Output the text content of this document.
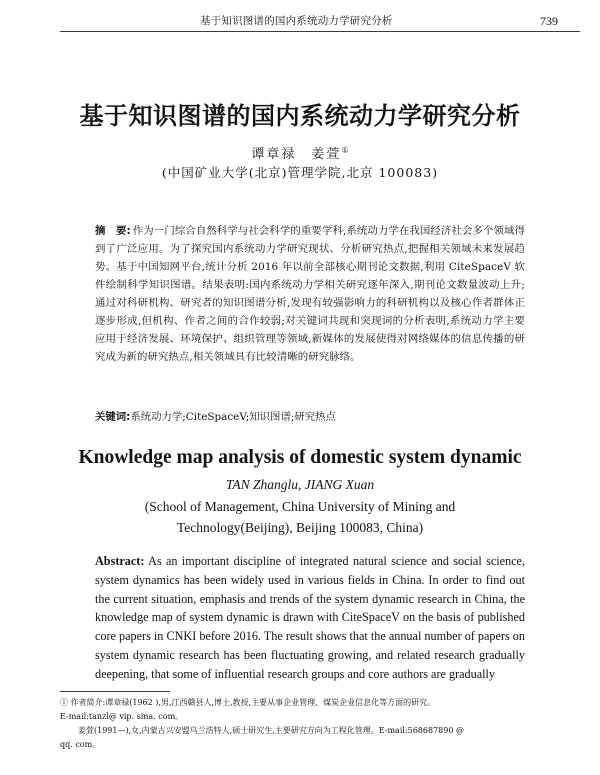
基于知识图谱的国内系统动力学研究分析	739
基于知识图谱的国内系统动力学研究分析
谭章禄　姜萱①
(中国矿业大学(北京)管理学院,北京 100083)
摘　要: 作为一门综合自然科学与社会科学的重要学科,系统动力学在我国经济社会多个领域得到了广泛应用。为了探究国内系统动力学研究现状、分析研究热点,把握相关领域未来发展趋势。基于中国知网平台,统计分析 2016 年以前全部核心期刊论文数据,利用 CiteSpaceV 软件绘制科学知识图谱。结果表明:国内系统动力学相关研究逐年深入,期刊论文数量波动上升;通过对科研机构、研究者的知识图谱分析,发现有较强影响力的科研机构以及核心作者群体正逐步形成,但机构、作者之间的合作较弱;对关键词共现和突现词的分析表明,系统动力学主要应用于经济发展、环境保护、组织管理等领域,新媒体的发展使得对网络媒体的信息传播的研究成为新的研究热点,相关领域具有比较清晰的研究脉络。
关键词:系统动力学;CiteSpaceV;知识图谱;研究热点
Knowledge map analysis of domestic system dynamic
TAN Zhanglu, JIANG Xuan
(School of Management, China University of Mining and
Technology(Beijing), Beijing 100083, China)
Abstract: As an important discipline of integrated natural science and social science, system dynamics has been widely used in various fields in China. In order to find out the current situation, emphasis and trends of the system dynamic research in China, the knowledge map of system dynamic is drawn with CiteSpaceV on the basis of published core papers in CNKI before 2016. The result shows that the annual number of papers on system dynamic research has been fluctuating growing, and related research gradually deepening, that some of influential research groups and core authors are gradually

① 作者简介:谭章禄(1962 ),男,江西赣县人,博士,教授,主要从事企业管理、煤炭企业信息化等方面的研究。

E-mail:tanzl@ vip. sina. com。

姜萱(1991—),女,内蒙古兴安盟乌兰浩特人,硕士研究生,主要研究方向为工程化管理。E-mail:568687890 @

qq. com。
